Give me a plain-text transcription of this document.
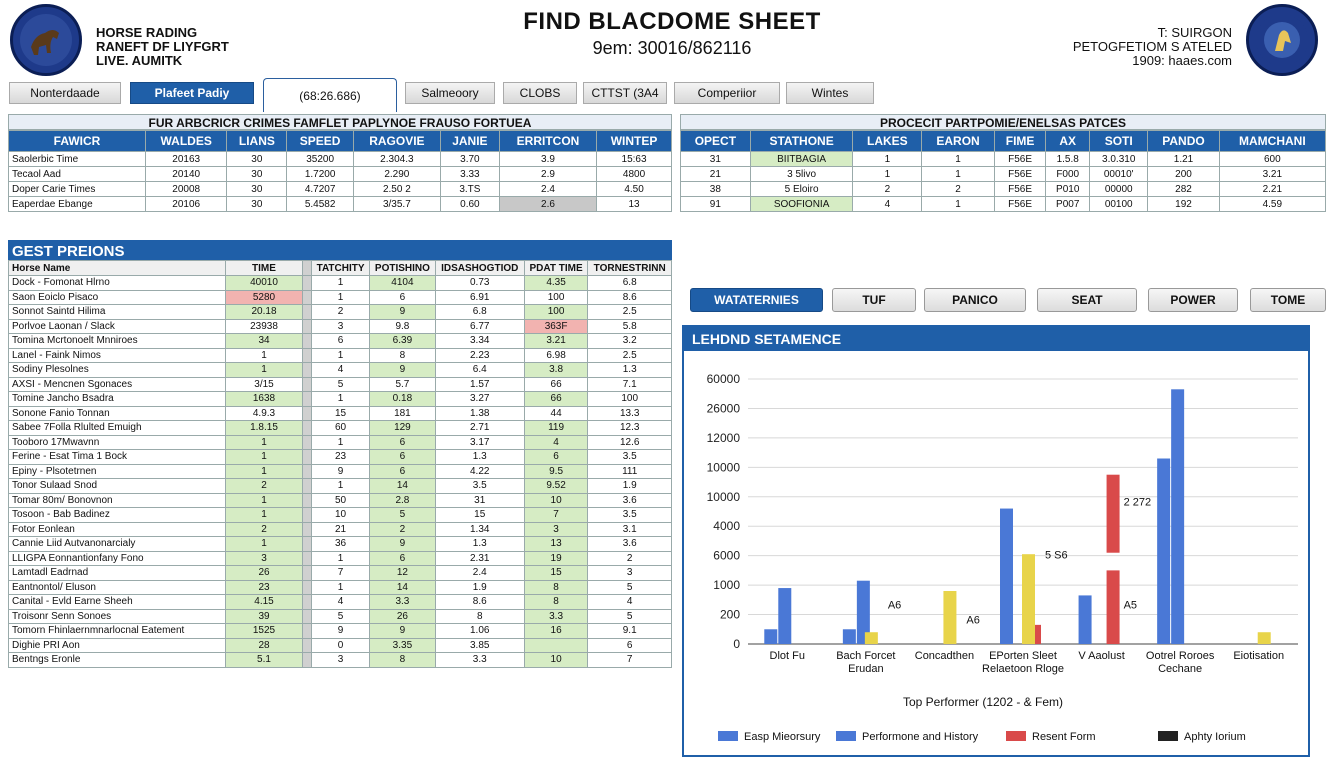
HORSE RADING
RANEFT DF LIYFGRT
LIVE. AUMITK
FIND BLACDOME SHEET
9em: 30016/862116
T: SUIRGON
PETOGFETIOM S ATELED
1909: haaes.com
Nonterdaade	Plafeet Padiy	(68:26.686)	Salmeoory	CLOBS	CTTST (3A4	Comperiior	Wintes
FUR ARBCRICR CRIMES FAMFLET PAPLYNOE FRAUSO FORTUEA
FAWICR	WALDES	LIANS	SPEED	RAGOVIE	JANIE	ERRITCON	WINTEP
Saolerbic Time	20163	30	35200	2.304.3	3.70	3.9	15:63
Tecaol Aad	20140	30	1.7200	2.290	3.33	2.9	4800
Doper Carie Times	20008	30	4.7207	2.50 2	3.TS	2.4	4.50
Eaperdae Ebange	20106	30	5.4582	3/35.7	0.60	2.6	13
PROCECIT PARTPOMIE/ENELSAS PATCES
OPECT	STATHONE	LAKES	EARON	FIME	AX	SOTI	PANDO	MAMCHANI
31	BIITBAGIA	1	1	F56E	1.5.8	3.0.310	1.21	600
21	3 5livo	1	1	F56E	F000	00010'	200	3.21
38	5 Eloiro	2	2	F56E	P010	00000	282	2.21
91	SOOFIONIA	4	1	F56E	P007	00100	192	4.59
GEST PREIONS
Horse Name	TIME		TATCHITY	POTISHINO	IDSASHOGTIOD	PDAT TIME	TORNESTRINN
Dock - Fomonat Hlrno	40010		1	4104	0.73	4.35	6.8
Saon Eoiclo Pisaco	5280		1	6	6.91	100	8.6
Sonnot Saintd Hilima	20.18		2	9	6.8	100	2.5
Porlvoe Laonan / Slack	23938		3	9.8	6.77	363F	5.8
Tomina Mcrtonoelt Mnniroes	34		6	6.39	3.34	3.21	3.2
Lanel - Faink Nimos	1		1	8	2.23	6.98	2.5
Sodiny Plesolnes	1		4	9	6.4	3.8	1.3
AXSI - Mencnen Sgonaces	3/15		5	5.7	1.57	66	7.1
Tomine Jancho Bsadra	1638		1	0.18	3.27	66	100
Sonone Fanio Tonnan	4.9.3		15	181	1.38	44	13.3
Sabee 7Folla Rlulted Emuigh	1.8.15		60	129	2.71	119	12.3
Tooboro 17Mwavnn	1		1	6	3.17	4	12.6
Ferine - Esat Tima 1 Bock	1		23	6	1.3	6	3.5
Epiny - Plsotetrnen	1		9	6	4.22	9.5	111
Tonor Sulaad Snod	2		1	14	3.5	9.52	1.9
Tomar 80m/ Bonovnon	1		50	2.8	31	10	3.6
Tosoon - Bab Badinez	1		10	5	15	7	3.5
Fotor Eonlean	2		21	2	1.34	3	3.1
Cannie Liid Autvanonarcialy	1		36	9	1.3	13	3.6
LLIGPA Eonnantionfany Fono	3		1	6	2.31	19	2
Lamtadl Eadrnad	26		7	12	2.4	15	3
Eantnontol/ Eluson	23		1	14	1.9	8	5
Canital - Evld Earne Sheeh	4.15		4	3.3	8.6	8	4
Troisonr Senn Sonoes	39		5	26	8	3.3	5
Tomorn Fhinlaernmnarlocnal Eatement	1525		9	9	1.06	16	9.1
Dighie PRI Aon	28		0	3.35	3.85		6
Bentngs Eronle	5.1		3	8	3.3	10	7
WATATERNIES	TUF	PANICO	SEAT	POWER	TOME
LEHDND SETAMENCE
0
200
1000
6000
4000
10000
10000
12000
26000
60000
A6
2 272
5 S6
A5
A6
Dlot Fu	Bach Forcet
Erudan
Concadthen EPorten Sleet
Relaetoon Rloge
V Aaolust Ootrel Roroes
Cechane
Eiotisation
Top Performer (1202 - & Fem)
Easp Mieorsury	Performone and History	Resent Form	Aphty Iorium
